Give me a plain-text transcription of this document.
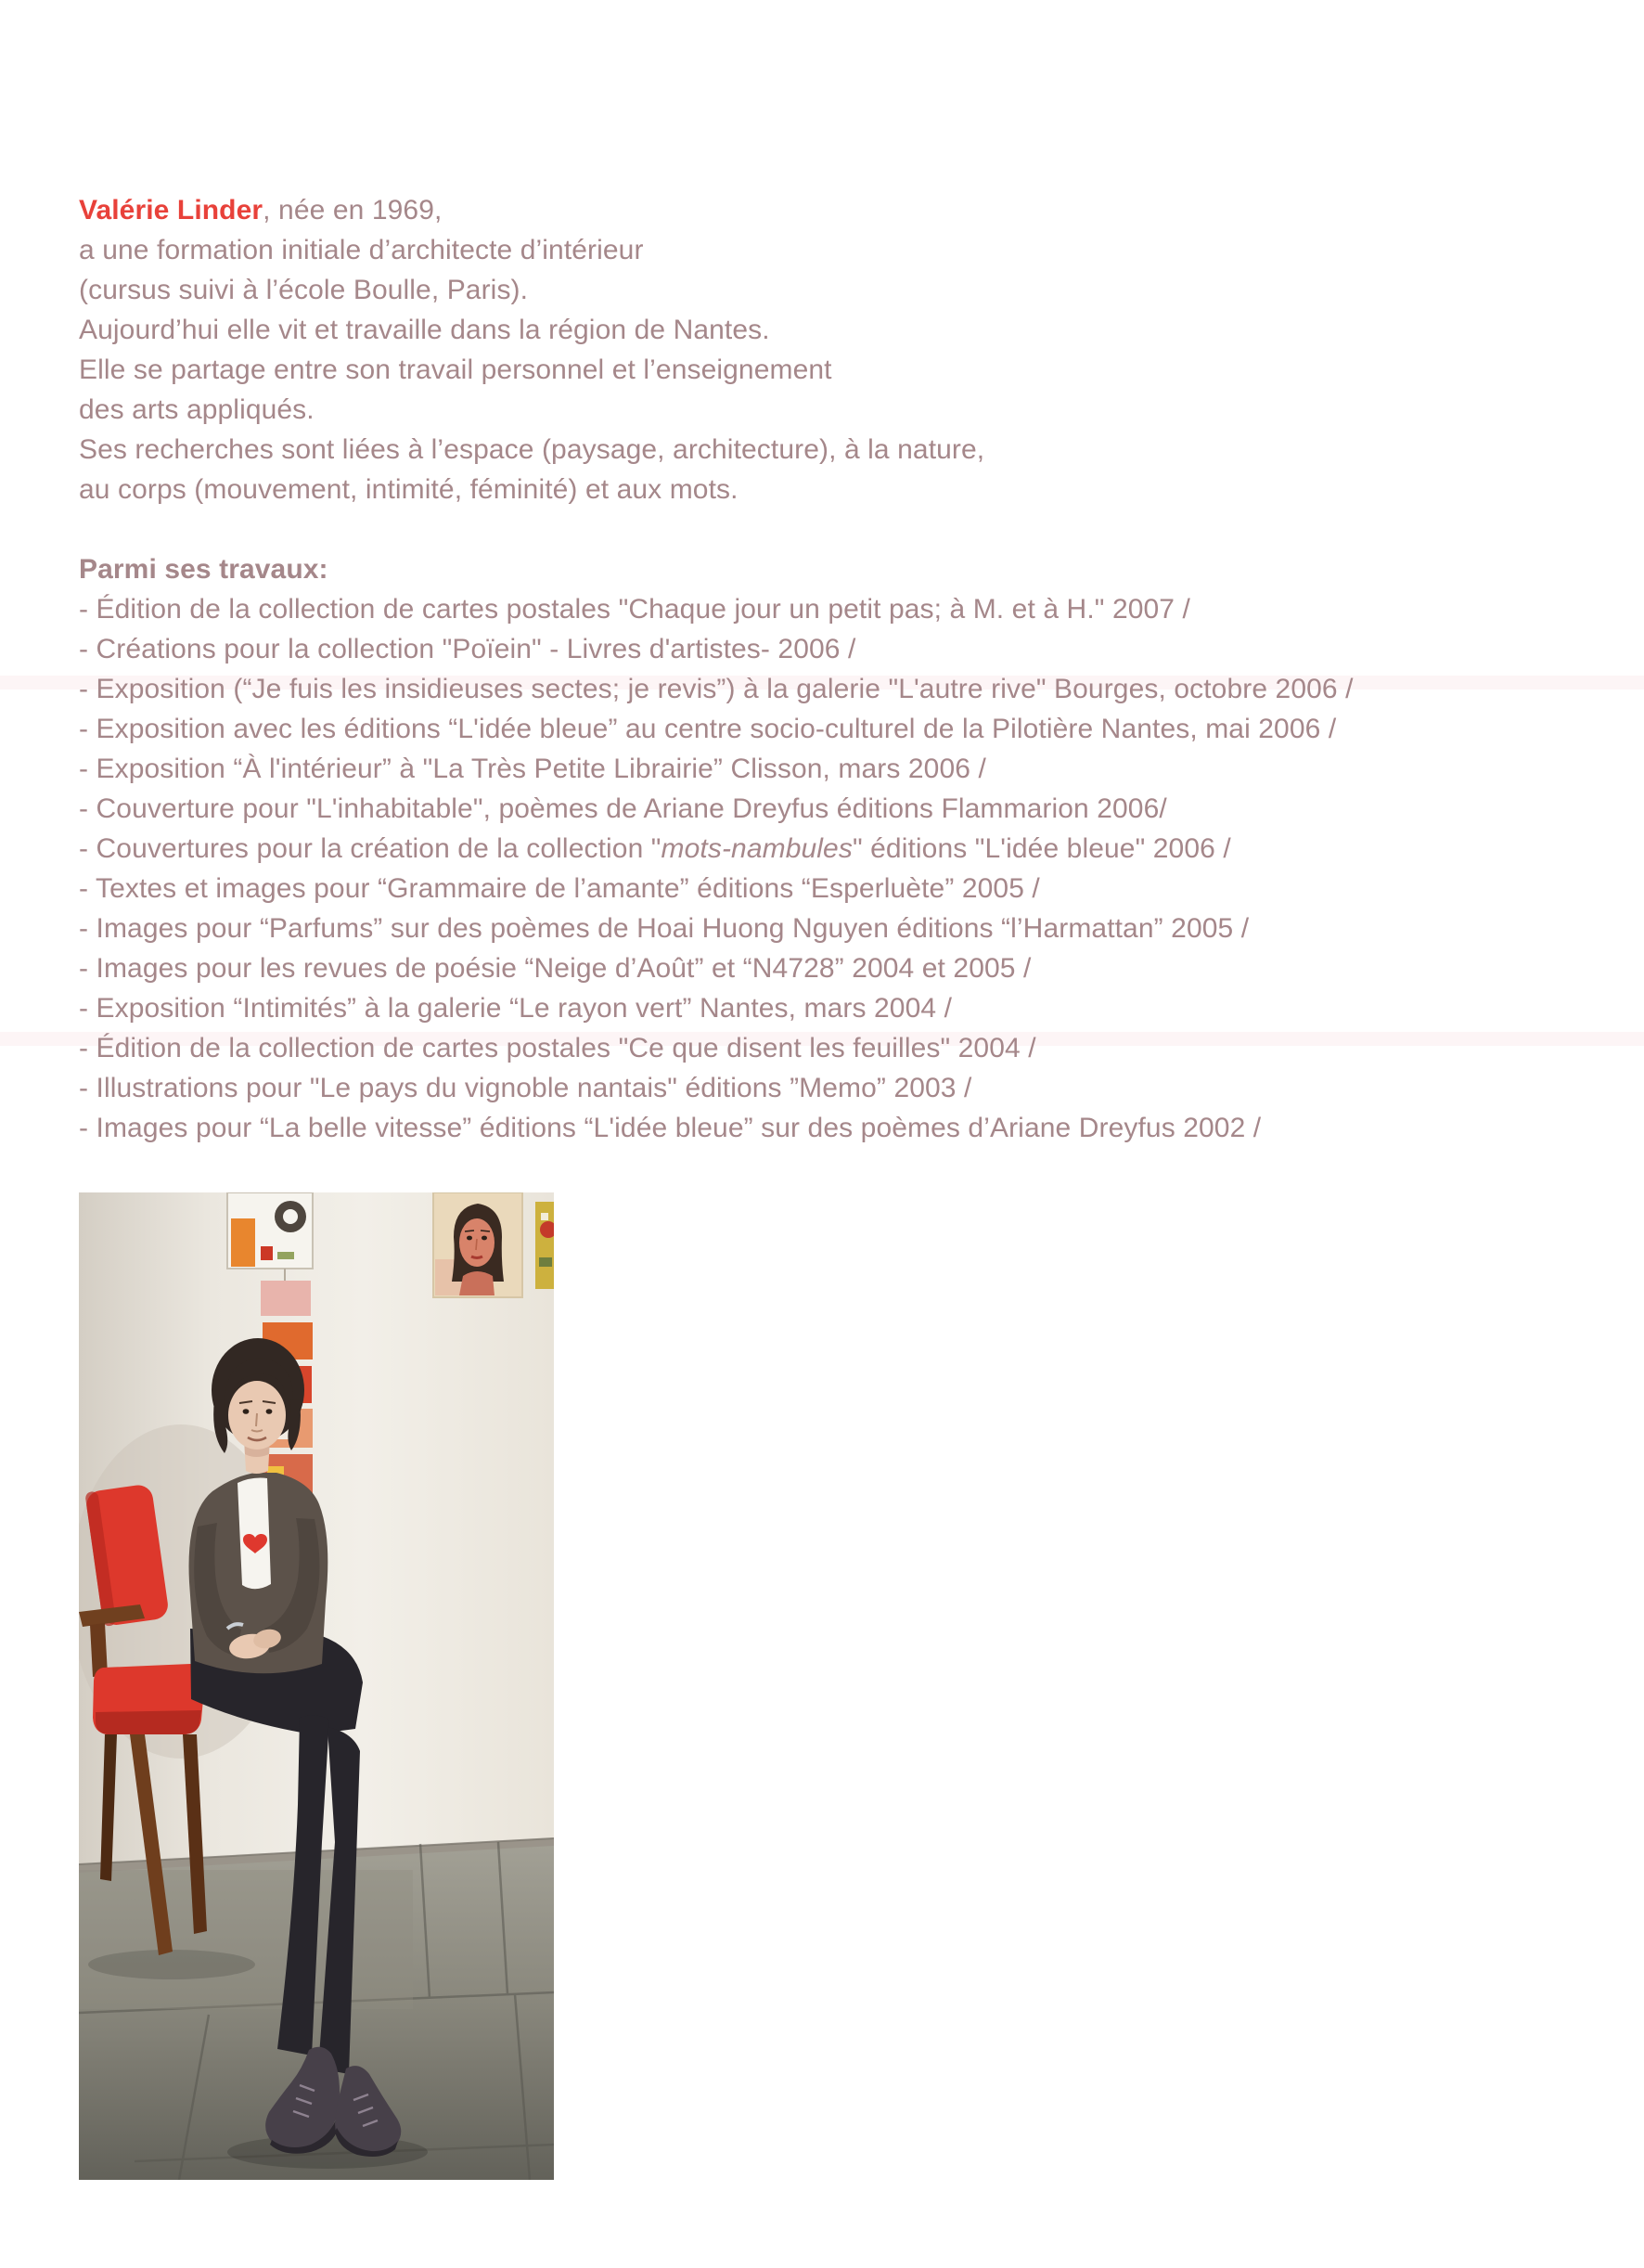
Valérie Linder, née en 1969,
a une formation initiale d’architecte d’intérieur
(cursus suivi à l’école Boulle, Paris).
Aujourd’hui elle vit et travaille dans la région de Nantes.
Elle se partage entre son travail personnel et l’enseignement
des arts appliqués.
Ses recherches sont liées à l’espace (paysage, architecture), à la nature,
au corps (mouvement, intimité, féminité) et aux mots.

Parmi ses travaux:

- Édition de la collection de cartes postales "Chaque jour un petit pas; à M. et à H." 2007 /
- Créations pour la collection "Poïein" - Livres d'artistes- 2006 /
- Exposition (“Je fuis les insidieuses sectes; je revis”) à la galerie "L'autre rive" Bourges, octobre 2006 /
- Exposition avec les éditions “L'idée bleue” au centre socio-culturel de la Pilotière Nantes, mai 2006 /
- Exposition “À l'intérieur” à "La Très Petite Librairie” Clisson, mars 2006 /
- Couverture pour "L'inhabitable", poèmes de Ariane Dreyfus éditions Flammarion 2006/
- Couvertures pour la création de la collection "mots-nambules" éditions "L'idée bleue" 2006 /
- Textes et images pour “Grammaire de l’amante” éditions “Esperluète” 2005 /
- Images pour “Parfums” sur des poèmes de Hoai Huong Nguyen éditions “l’Harmattan” 2005 /
- Images pour les revues de poésie “Neige d’Août” et “N4728” 2004 et 2005 /
- Exposition “Intimités” à la galerie “Le rayon vert” Nantes, mars 2004 /
- Édition de la collection de cartes postales "Ce que disent les feuilles" 2004 /
- Illustrations pour "Le pays du vignoble nantais" éditions ”Memo” 2003 /
- Images pour “La belle vitesse” éditions “L'idée bleue” sur des poèmes d’Ariane Dreyfus 2002 /
